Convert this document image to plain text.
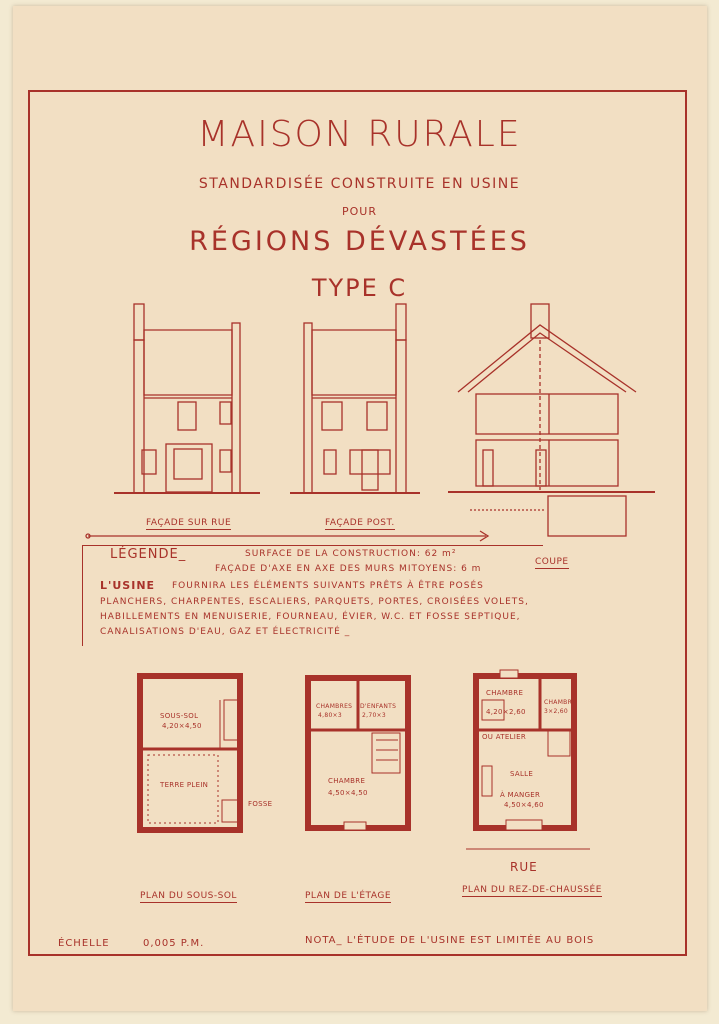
MAISON RURALE
STANDARDISÉE CONSTRUITE EN USINE
POUR
RÉGIONS DÉVASTÉES
TYPE C
FAÇADE SUR RUE	FAÇADE POST.
COUPE
LÉGENDE_	SURFACE DE LA CONSTRUCTION: 62 m²
FAÇADE D'AXE EN AXE DES MURS MITOYENS: 6 m
L'USINE FOURNIRA LES ÉLÉMENTS SUIVANTS PRÊTS À ÊTRE POSÉS
PLANCHERS, CHARPENTES, ESCALIERS, PARQUETS, PORTES, CROISÉES VOLETS,
HABILLEMENTS EN MENUISERIE, FOURNEAU, ÉVIER, W.C. ET FOSSE SEPTIQUE,
CANALISATIONS D'EAU, GAZ ET ÉLECTRICITÉ _
SOUS-SOL
4,20×4,50
TERRE PLEIN
FOSSE
CHAMBRES
4,80×3
D'ENFANTS
2,70×3
CHAMBRE
4,50×4,50
CHAMBRE
4,20×2,60
CHAMBRE
3×2,60
OU ATELIER
SALLE
À MANGER
4,50×4,60
RUE
PLAN DU SOUS-SOL	PLAN DE L'ÉTAGE
PLAN DU REZ-DE-CHAUSSÉE
ÉCHELLE	0,005 P.M.	NOTA_ L'ÉTUDE DE L'USINE EST LIMITÉE AU BOIS
